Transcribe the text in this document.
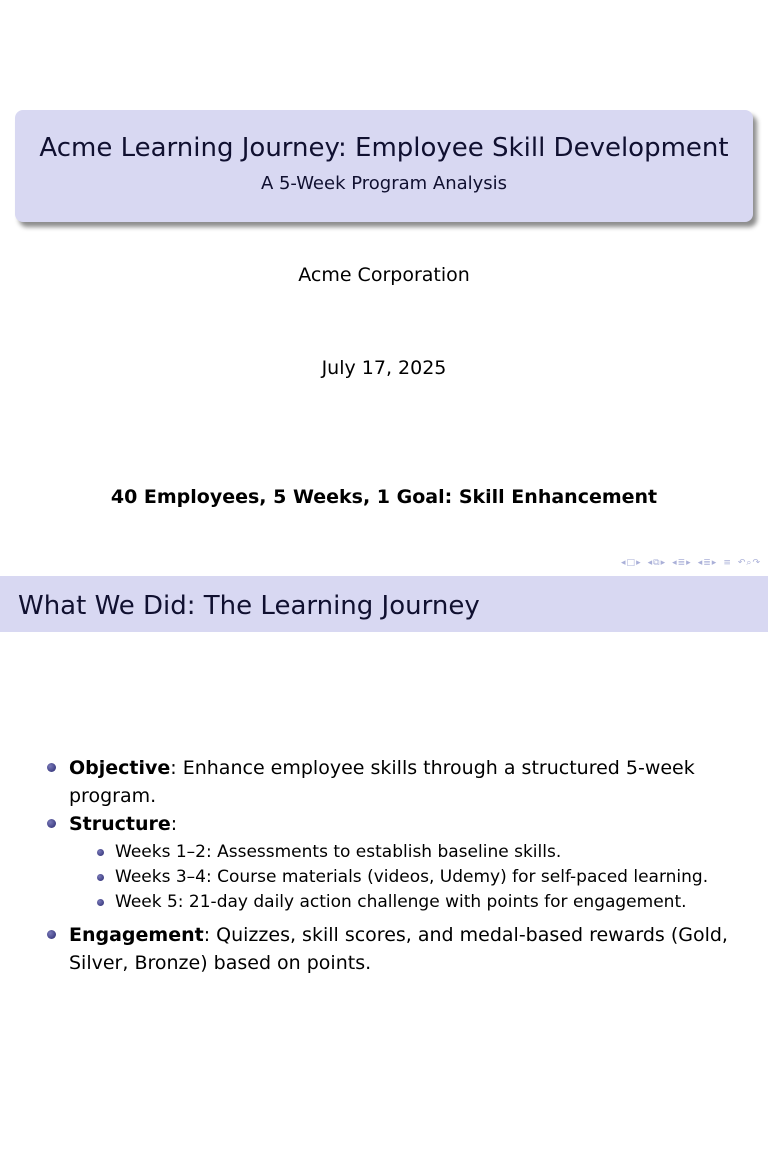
Acme Learning Journey: Employee Skill Development
A 5-Week Program Analysis
Acme Corporation
July 17, 2025
40 Employees, 5 Weeks, 1 Goal: Skill Enhancement
◂ □ ▸ ◂ ⧉ ▸ ◂ ≣ ▸ ◂ ≣ ▸ ≡ ↶ ⌕ ↷
What We Did: The Learning Journey
Objective: Enhance employee skills through a structured 5-week program.
Structure:
Weeks 1–2: Assessments to establish baseline skills.
Weeks 3–4: Course materials (videos, Udemy) for self-paced learning.
Week 5: 21-day daily action challenge with points for engagement.
Engagement: Quizzes, skill scores, and medal-based rewards (Gold, Silver, Bronze) based on points.
